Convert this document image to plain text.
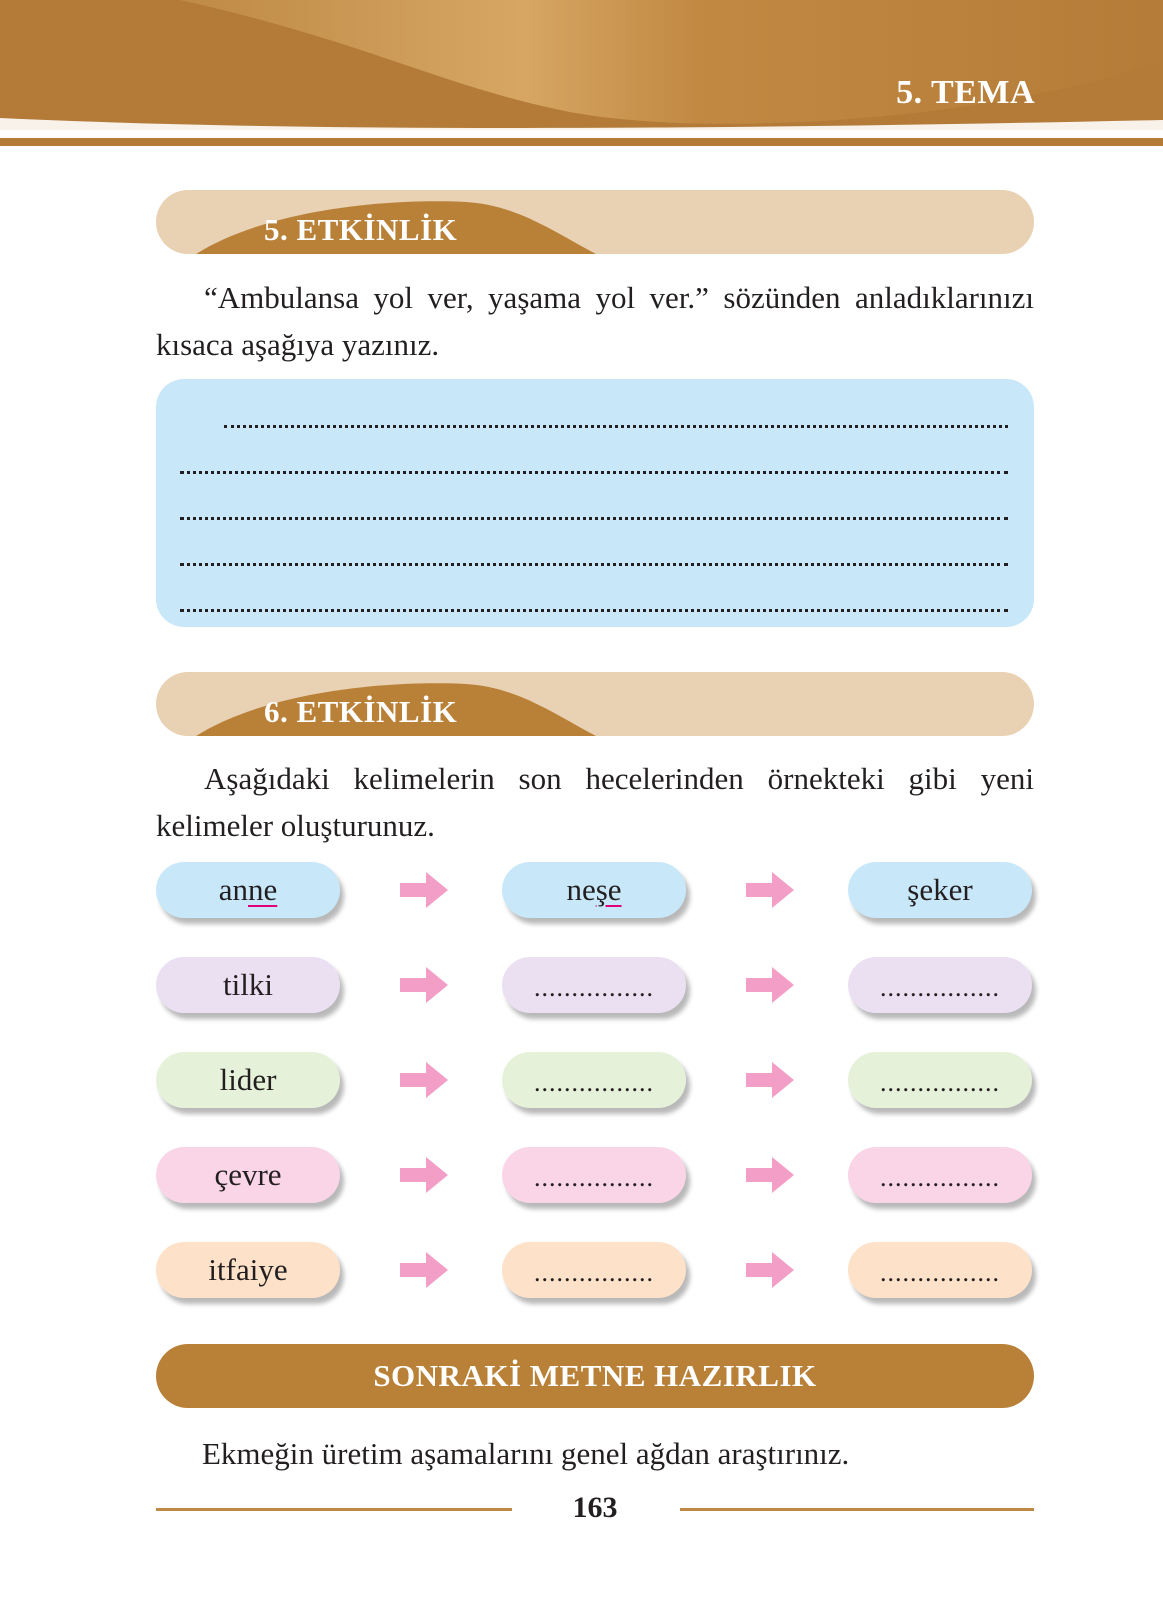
5. TEMA
5. ETKİNLİK
“Ambulansa yol ver, yaşama yol ver.” sözünden anladıklarınızı kısaca aşağıya yazınız.
6. ETKİNLİK
Aşağıdaki kelimelerin son hecelerinden örnekteki gibi yeni kelimeler oluşturunuz.
anne	neşe	şeker
tilki	................	................
lider	................	................
çevre	................	................
itfaiye	................	................
SONRAKİ METNE HAZIRLIK
Ekmeğin üretim aşamalarını genel ağdan araştırınız.
163
